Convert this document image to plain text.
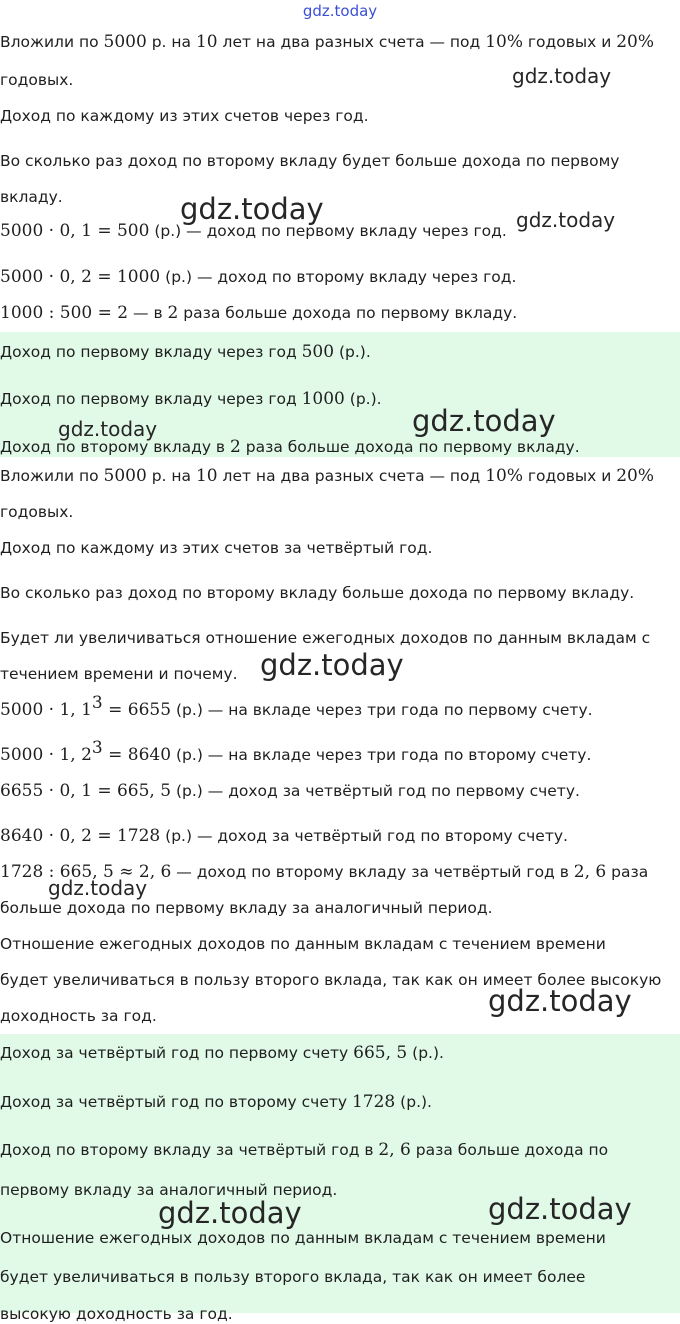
gdz.today
Вложили по 5000 р. на 10 лет на два разных счета — под 10% годовых и 20%
годовых.
Доход по каждому из этих счетов через год.
Во сколько раз доход по второму вкладу будет больше дохода по первому
вкладу.
5000 · 0, 1 = 500 (р.) — доход по первому вкладу через год.
5000 · 0, 2 = 1000 (р.) — доход по второму вкладу через год.
1000 : 500 = 2 — в 2 раза больше дохода по первому вкладу.
Доход по первому вкладу через год 500 (р.).
Доход по первому вкладу через год 1000 (р.).
Доход по второму вкладу в 2 раза больше дохода по первому вкладу.
Вложили по 5000 р. на 10 лет на два разных счета — под 10% годовых и 20%
годовых.
Доход по каждому из этих счетов за четвёртый год.
Во сколько раз доход по второму вкладу больше дохода по первому вкладу.
Будет ли увеличиваться отношение ежегодных доходов по данным вкладам с
течением времени и почему.
5000 · 1, $1^3 = 6655$ (р.) — на вкладе через три года по первому счету.
5000 · 1, $2^3 = 8640$ (р.) — на вкладе через три года по второму счету.
6655 · 0, 1 = 665, 5 (р.) — доход за четвёртый год по первому счету.
8640 · 0, 2 = 1728 (р.) — доход за четвёртый год по второму счету.
1728 : 665, 5 ≈ 2, 6 — доход по второму вкладу за четвёртый год в 2, 6 раза
больше дохода по первому вкладу за аналогичный период.
Отношение ежегодных доходов по данным вкладам с течением времени
будет увеличиваться в пользу второго вклада, так как он имеет более высокую
доходность за год.
Доход за четвёртый год по первому счету 665, 5 (р.).
Доход за четвёртый год по второму счету 1728 (р.).
Доход по второму вкладу за четвёртый год в 2, 6 раза больше дохода по
первому вкладу за аналогичный период.
Отношение ежегодных доходов по данным вкладам с течением времени
будет увеличиваться в пользу второго вклада, так как он имеет более
высокую доходность за год.
gdz.today
gdz.today	gdz.today
gdz.today
gdz.today
gdz.today
gdz.today
gdz.today
gdz.today	gdz.today
